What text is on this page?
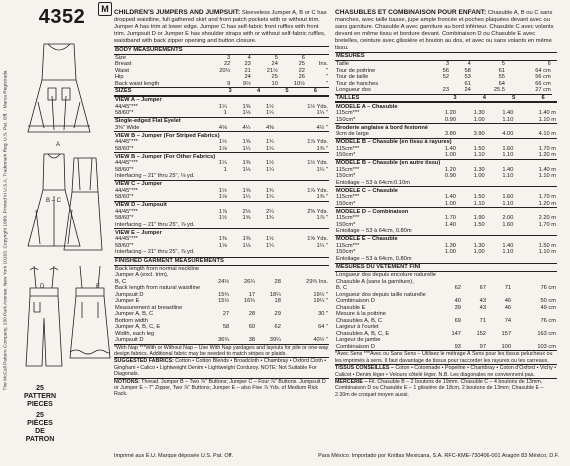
The McCall Pattern Company, 230 Park Avenue, New York 10163. Copyright 1989. Printed in U.S.A. Trademark Reg. U.S. Pat. Off. - Marca Registrada
4352	M
A
B – C
D	E
25
PATTERN
PIECES
25
PIÈCES
DE PATRON
CHILDREN'S JUMPERS AND JUMPSUIT: Sleeveless Jumper A, B or C has dropped waistline, full gathered skirt and front patch pockets with or without trim. Jumper A has trim at lower edge. Jumper C has self-fabric front ruffles with front trim. Jumpsuit D or Jumper E has shoulder straps with or without self-fabric ruffles, waistband with back zipper opening and button closure.
BODY MEASUREMENTS
Size	3	4	5	6	
Breast	22	23	24	25	Ins.
Waist	20½	21	21½	22	"
Hip		24	25	26	"
Back waist length	9	9½	10	10½	"
SIZES	3	4	5	6	
VIEW A – Jumper				
44/45"***	1¼	1⅜	1½	1½ Yds.
58/60"*	1	1⅛	1¼	1¼ "
Single-edged Flat Eyelet				
3⅜" Wide	4⅛	4¼	4⅜	4½ "
VIEW B – Jumper (For Striped Fabrics)				
44/45"***	1½	1⅝	1¾	1⅞ Yds.
58/60"*	1⅛	1¼	1¼	1⅜ "
VIEW B – Jumper (For Other Fabrics)				
44/45"***	1¼	1⅜	1½	1½ Yds.
58/60"*	1	1⅛	1¼	1¼ "
Interfacing – 21" thru 25", ⅛ yd.				
VIEW C – Jumper				
44/45"***	1½	1⅝	1¾	1⅞ Yds.
58/60"*	1⅛	1¼	1¼	1⅜ "
VIEW D – Jumpsuit				
44/45"***	1⅞	2⅛	2¼	2⅜ Yds.
58/60"*	1½	1⅝	1¾	1⅞ "
Interfacing – 21" thru 25", ⅞ yd.				
VIEW E – Jumper				
44/45"***	1⅜	1⅜	1½	1⅝ Yds.
58/60"*	1⅛	1⅛	1¼	1¼ "
Interfacing – 21" thru 25", ⅞ yd.				
FINISHED GARMENT MEASUREMENTS
Back length from normal neckline				
Jumper A (excl. trim),				
B, C	24½	26¼	28	29¾ Ins.
Back length from natural waistline				
Jumpsuit D	15¾	17	18¼	19½ "
Jumper E	15½	16¾	18	19¼ "
Measurement at breastline				
Jumper A, B, C	27	28	29	30 "
Bottom width				
Jumper A, B, C, E	58	60	62	64 "
Width, each leg				
Jumpsuit D	36¾	38	39¼	40½ "
*With Nap ***With or Without Nap – Use With Nap yardages and layouts for pile or one-way design fabrics. Additional fabric may be needed to match stripes or plaids.
SUGGESTED FABRICS: Cotton • Cotton Blends • Broadcloth • Chambray • Oxford Cloth • Gingham • Calico • Lightweight Denim • Lightweight Corduroy. NOTE: Not Suitable For Diagonals.
NOTIONS: Thread. Jumper B – Two ⅞" Buttons; Jumper C – Four ⅞" Buttons. Jumpsuit D or Jumper E – 7" Zipper, Two ⅞" Buttons; Jumper E – also Five ⅞ Yds. of Medium Rick Rack.
CHASUBLES ET COMBINAISON POUR ENFANT: Chasuble A, B ou C sans manches, avec taille basse, jupe ample froncée et poches plaquées devant avec ou sans garniture. Chasuble A avec garniture au bord inférieur. Chasuble C avec volants devant en même tissu et bordure devant. Combinaison D ou Chasuble E avec bretelles, ceinture avec glissière et bouton au dos, et avec ou sans volants en même tissu.
MESURES
Taille	3	4	5	6	
Tour de poitrine	56	58	61	64 cm	
Tour de taille	52	53	55	56 cm	
Tour de hanches		61	64	66 cm	
Longueur dos	23	24	25.5	27 cm	
TAILLES	3	4	5	6	
MODELE A – Chasuble				
115cm***	1.20	1.30	1.40	1.40 m
150cm*	0.90	1.00	1.10	1.10 m
Broderie anglaise à bord festonné				
9cm de large	3.80	3.90	4.00	4.10 m
MODELE B – Chasuble (en tissu à rayures)				
115cm***	1.40	1.50	1.60	1.70 m
150cm*	1.00	1.10	1.10	1.20 m
MODELE B – Chasuble (en autre tissu)				
115cm***	1.20	1.30	1.40	1.40 m
150cm*	0.90	1.00	1.10	1.10 m
Entoilage – 53 à 64cm:0.10m				
MODELE C – Chasuble				
115cm***	1.40	1.50	1.60	1.70 m
150cm*	1.00	1.10	1.10	1.20 m
MODELE D – Combinaison				
115cm***	1.70	1.90	2.00	2.20 m
150cm*	1.40	1.50	1.60	1.70 m
Entoilage – 53 à 64cm, 0.80m				
MODELE E – Chasuble				
115cm***	1.30	1.30	1.40	1.50 m
150cm*	1.00	1.00	1.10	1.10 m
Entoilage – 53 à 64cm, 0.80m				
MESURES DU VETEMENT FINI
Longueur dos depuis encolure naturelle				
Chasuble A (sans la garniture),				
B, C	62	67	71	76 cm
Longueur dos depuis taille naturelle				
Combinaison D	40	43	46	50 cm
Chasuble E	39	43	46	49 cm
Mesure à la poitrine				
Chasubles A, B, C	69	71	74	76 cm
Largeur à l'ourlet				
Chasubles A, B, C, E	147	152	157	163 cm
Largeur de jambe				
Combinaison D	93	97	100	103 cm
*Avec Sens ***Avec ou Sans Sens – Utilisez le métrage À Sens pour les tissus pelucheux ou les imprimés à sens. Il faut davantage de tissus pour raccorder les rayures ou les carreaux.
TISSUS CONSEILLES – Coton • Cotonnade • Popeline • Chambray • Coton d'Oxford • Vichy • Calicot • Denim léger • Velours côtelé léger. N.B. Les diagonales ne conviennent pas.
MERCERIE – Fil. Chasuble B – 2 boutons de 19mm. Chasuble C – 4 boutons de 13mm. Combinaison D ou Chasuble E – 1 glissière de 18cm, 2 boutons de 13mm; Chasuble E – 2.30m de croquet moyen aussi.
Imprimé aux E.U. Marque déposée U.S. Pat. Off.	Para México: Importado por Knittax Mexicana, S.A. RFC-KME-730406-001 Aragón 83 México, D.F.
